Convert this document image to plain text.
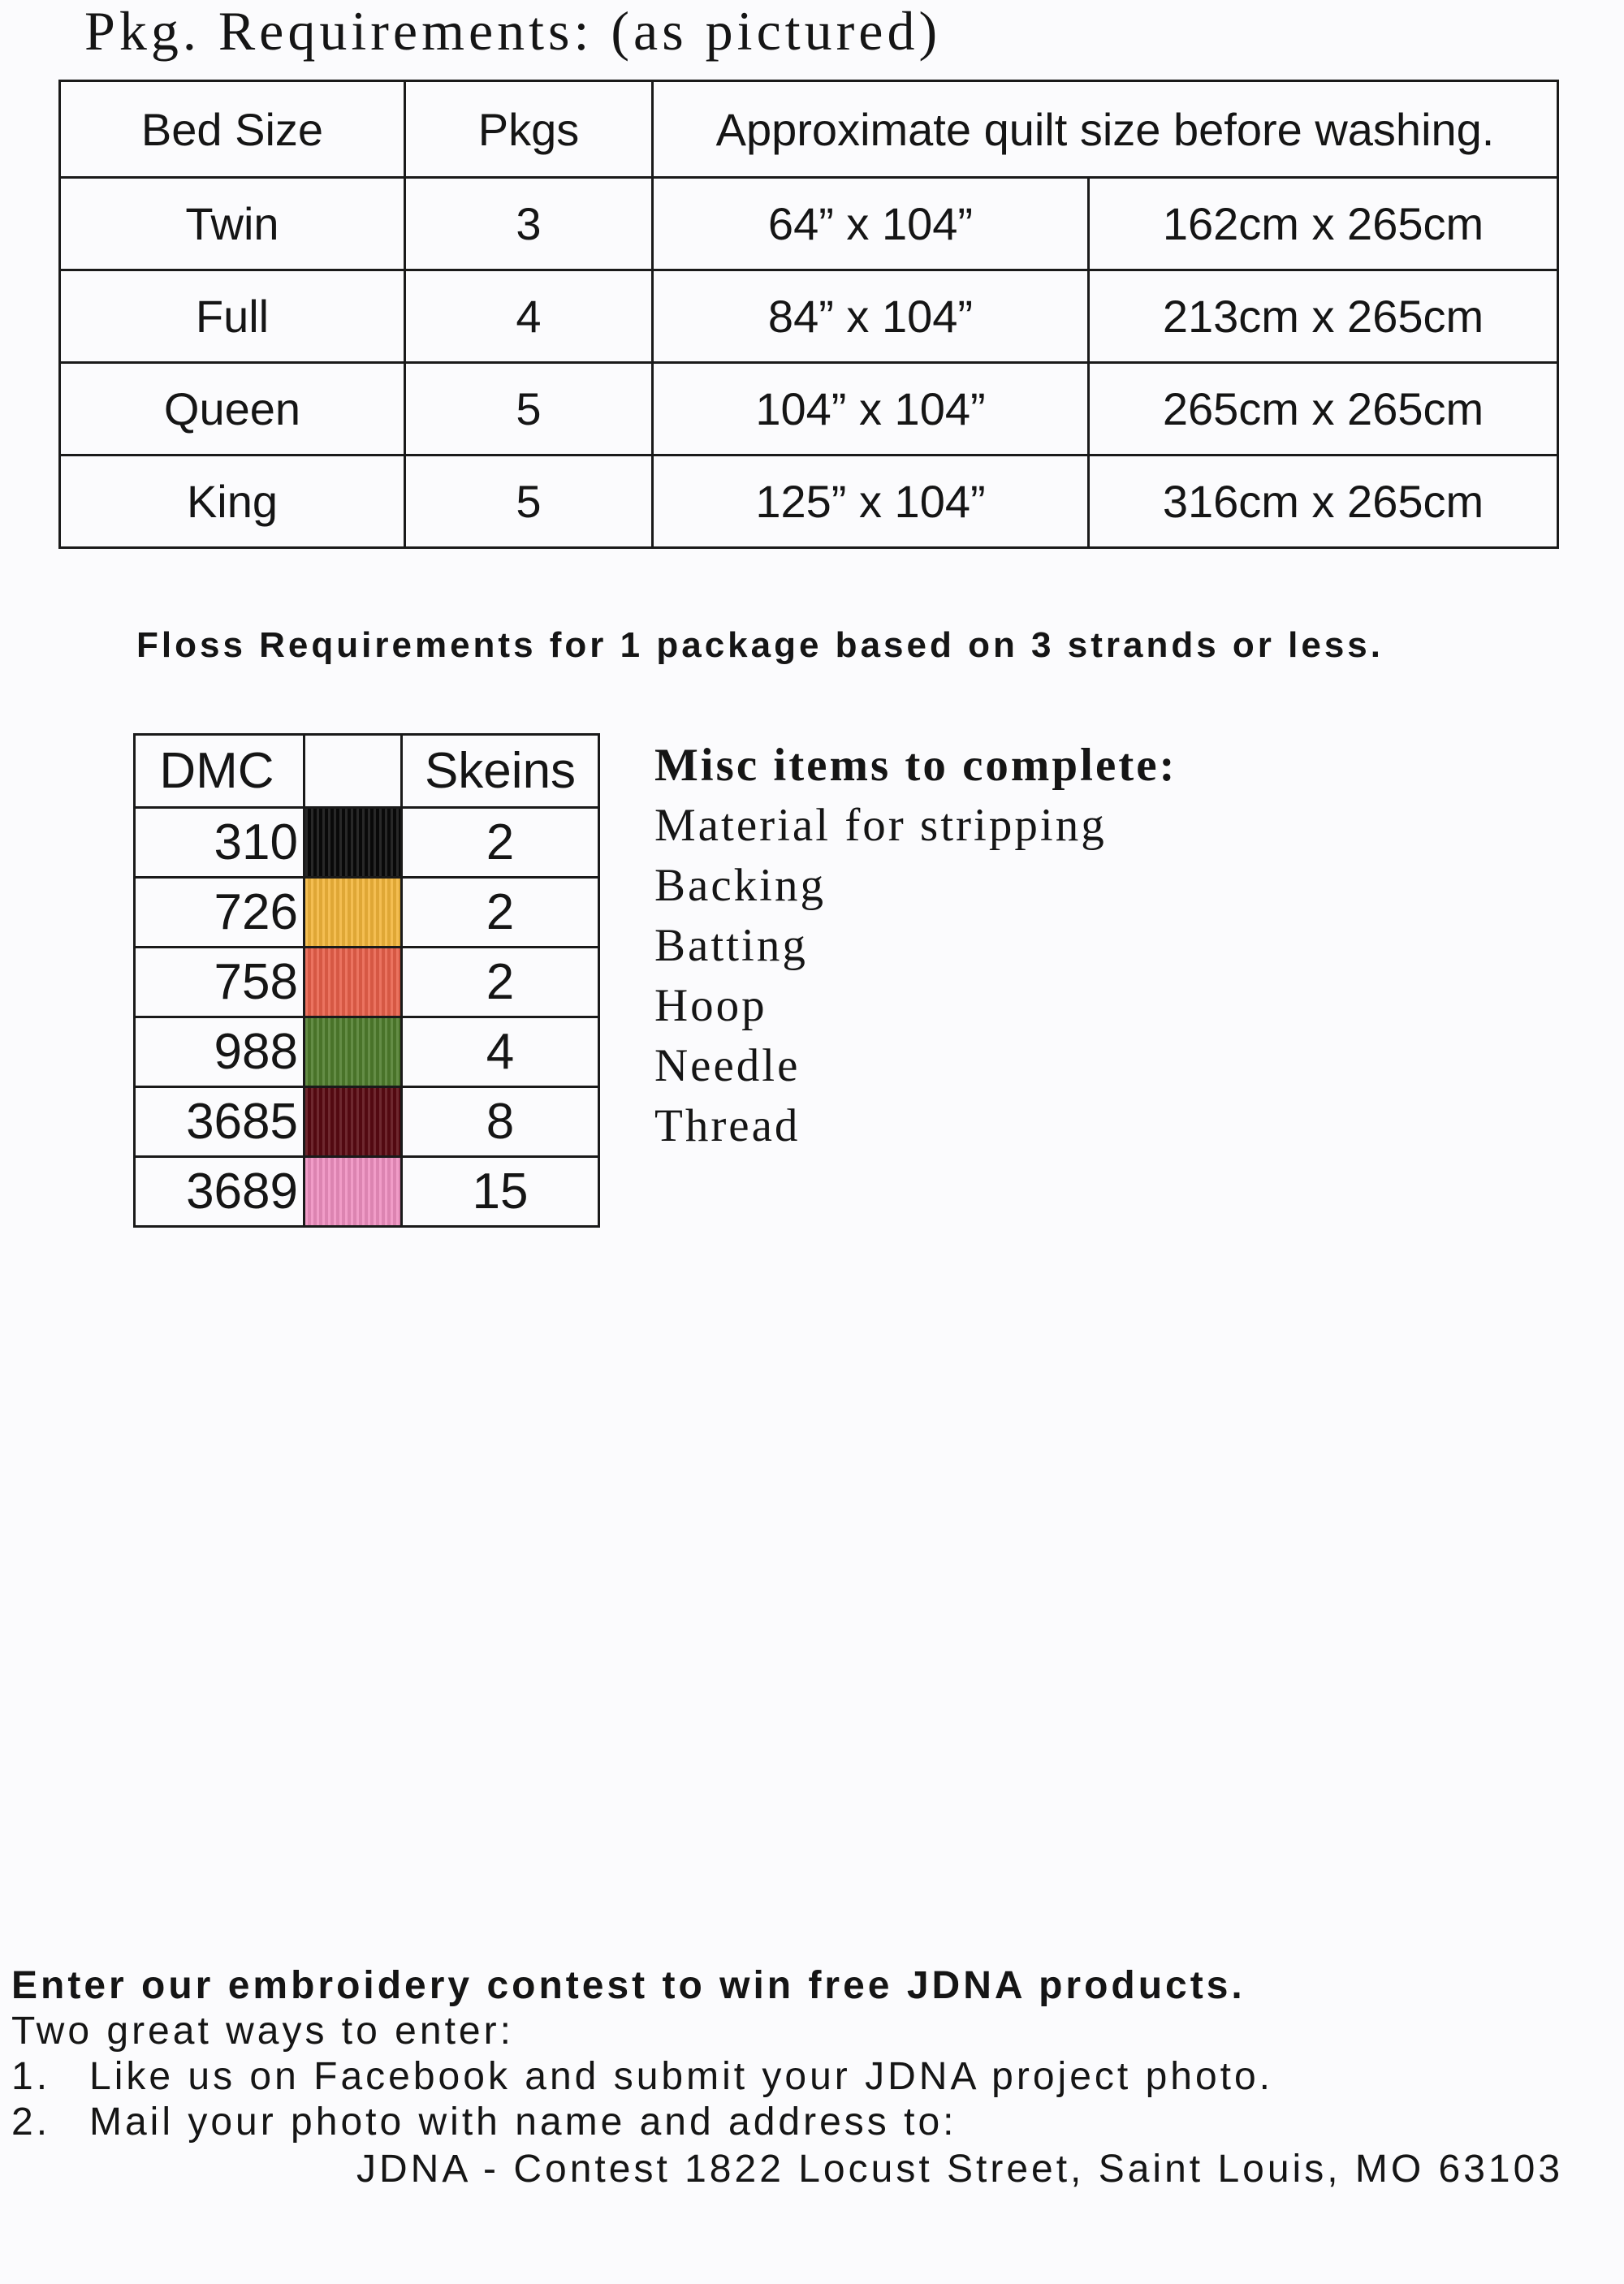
Pkg. Requirements: (as pictured)
Bed Size	Pkgs	Approximate quilt size before washing.	
Twin	3	64” x 104”	162cm x 265cm
Full	4	84” x 104”	213cm x 265cm
Queen	5	104” x 104”	265cm x 265cm
King	5	125” x 104”	316cm x 265cm
Floss Requirements for 1 package based on 3 strands or less.
DMC		Skeins
310		2
726		2
758		2
988		4
3685		8
3689		15
Misc items to complete:
Material for stripping
Backing
Batting
Hoop
Needle
Thread
Enter our embroidery contest to win free JDNA products.
Two great ways to enter:
1. Like us on Facebook and submit your JDNA project photo.
2. Mail your photo with name and address to:
JDNA - Contest 1822 Locust Street, Saint Louis, MO 63103
